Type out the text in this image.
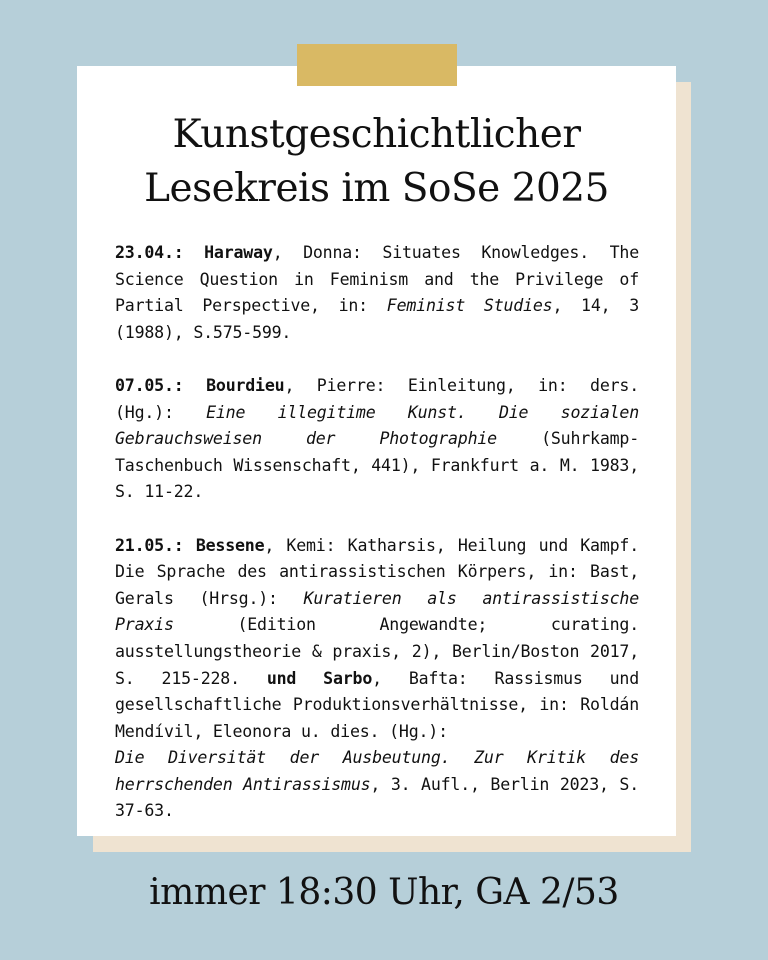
Kunstgeschichtlicher
Lesekreis im SoSe 2025

23.04.: Haraway, Donna: Situates Knowledges. The Science Question in Feminism and the Privilege of Partial Perspective, in: Feminist Studies, 14, 3 (1988), S.575-599.

07.05.: Bourdieu, Pierre: Einleitung, in: ders. (Hg.): Eine illegitime Kunst. Die sozialen Gebrauchsweisen der Photographie (Suhrkamp-Taschenbuch Wissenschaft, 441), Frankfurt a. M. 1983, S. 11-22.

21.05.: Bessene, Kemi: Katharsis, Heilung und Kampf. Die Sprache des antirassistischen Körpers, in: Bast, Gerals (Hrsg.): Kuratieren als antirassistische Praxis (Edition Angewandte; curating. ausstellungstheorie & praxis, 2), Berlin/Boston 2017, S. 215-228. und Sarbo, Bafta: Rassismus und gesellschaftliche Produktionsverhältnisse, in: Roldán Mendívil, Eleonora u. dies. (Hg.):
Die Diversität der Ausbeutung. Zur Kritik des herrschenden Antirassismus, 3. Aufl., Berlin 2023, S. 37-63.

immer 18:30 Uhr, GA 2/53
